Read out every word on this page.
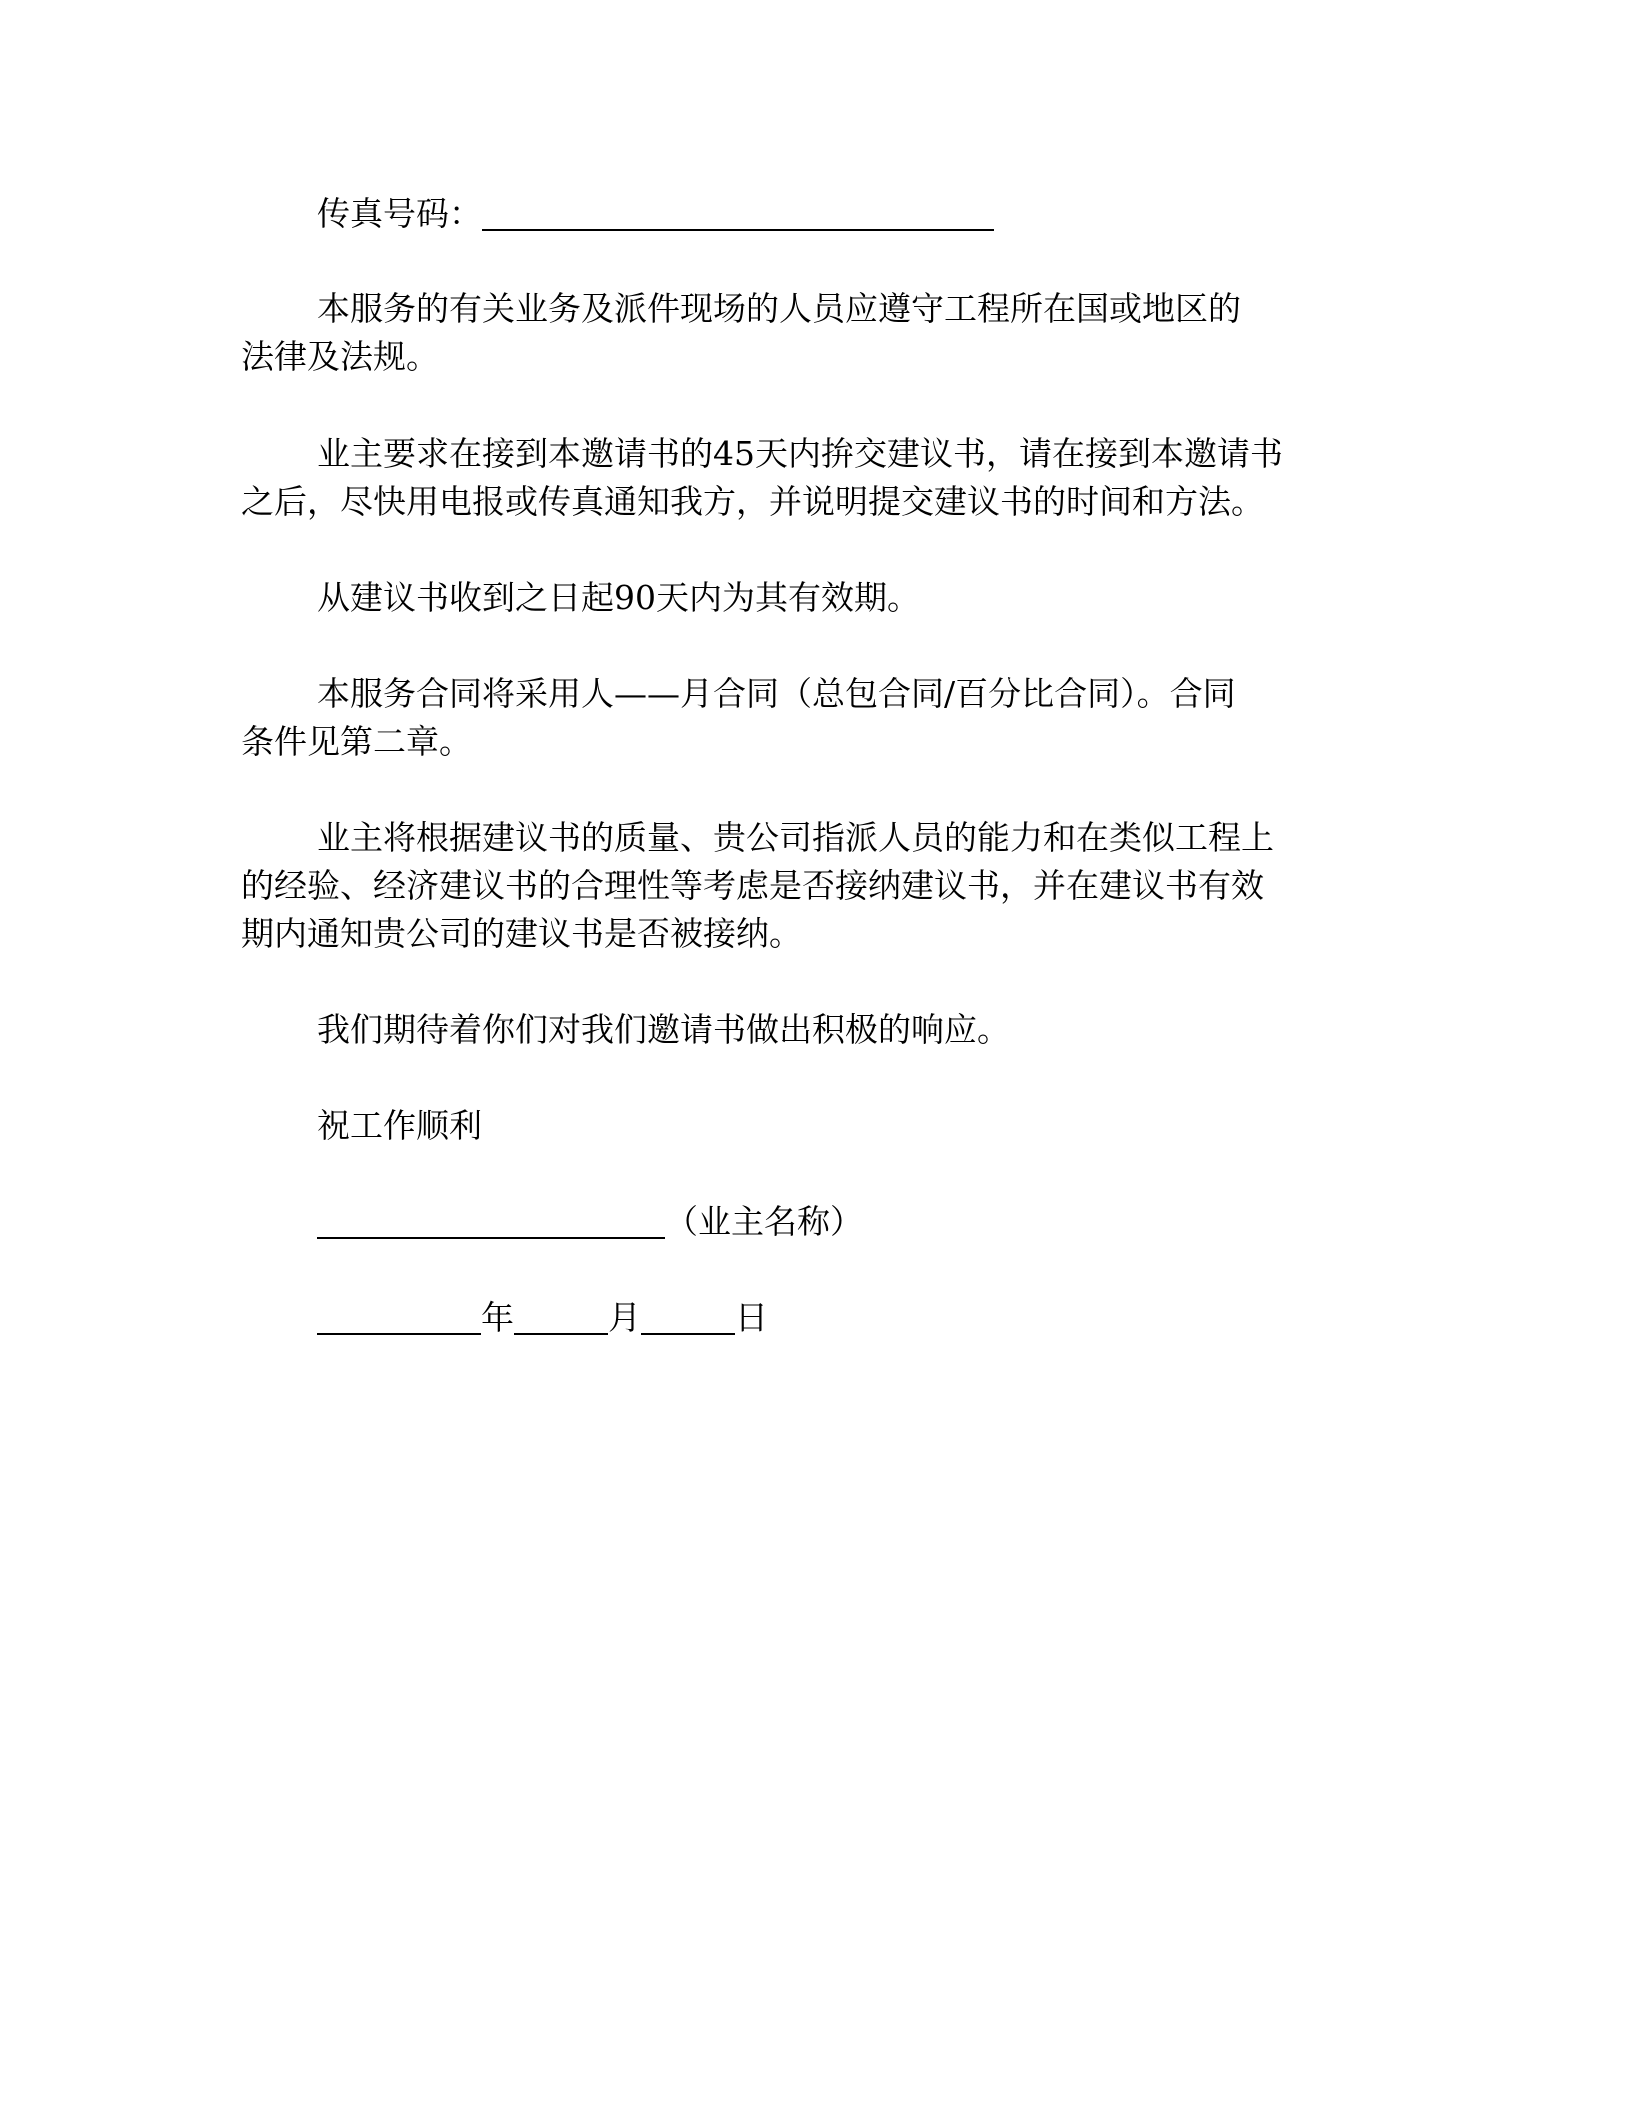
传真号码：
本服务的有关业务及派件现场的人员应遵守工程所在国或地区的
法律及法规。
业主要求在接到本邀请书的45天内拚交建议书，请在接到本邀请书
之后，尽快用电报或传真通知我方，并说明提交建议书的时间和方法。
从建议书收到之日起90天内为其有效期。
本服务合同将采用人——月合同（总包合同/百分比合同）。合同
条件见第二章。
业主将根据建议书的质量、贵公司指派人员的能力和在类似工程上
的经验、经济建议书的合理性等考虑是否接纳建议书，并在建议书有效
期内通知贵公司的建议书是否被接纳。
我们期待着你们对我们邀请书做出积极的响应。
祝工作顺利
（业主名称）
年	月	日
